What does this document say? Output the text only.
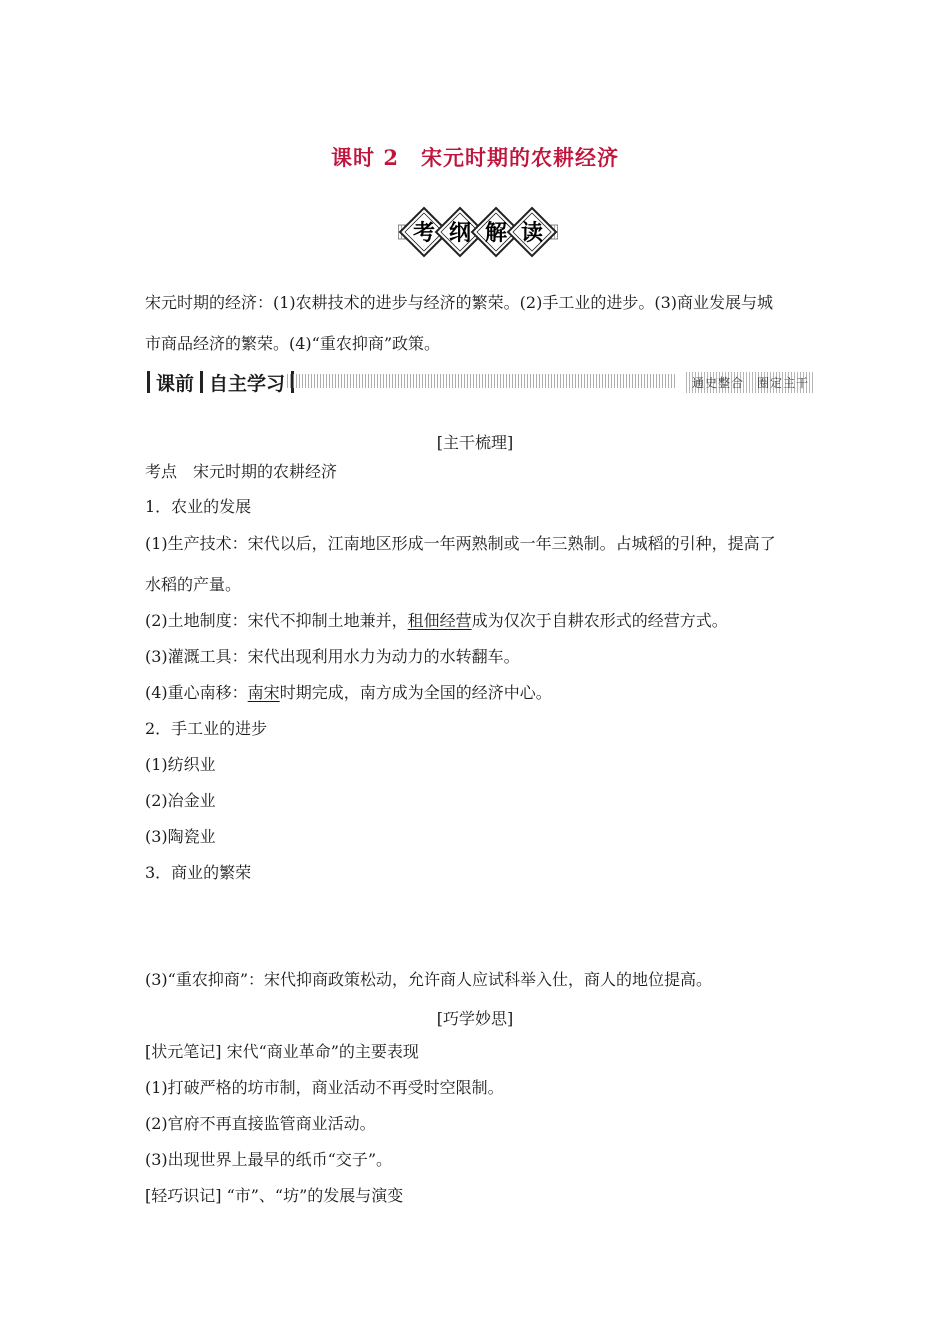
课时 2　宋元时期的农耕经济
考 纲 解 读
宋元时期的经济：(1)农耕技术的进步与经济的繁荣。(2)手工业的进步。(3)商业发展与城
市商品经济的繁荣。(4)“重农抑商”政策。
课前 自主学习	通史整合　圈定主干
[主干梳理]
考点　宋元时期的农耕经济
1．农业的发展
(1)生产技术：宋代以后，江南地区形成一年两熟制或一年三熟制。占城稻的引种，提高了
水稻的产量。
(2)土地制度：宋代不抑制土地兼并，租佃经营成为仅次于自耕农形式的经营方式。
(3)灌溉工具：宋代出现利用水力为动力的水转翻车。
(4)重心南移：南宋时期完成，南方成为全国的经济中心。
2．手工业的进步
(1)纺织业
(2)冶金业
(3)陶瓷业
3．商业的繁荣
(3)“重农抑商”：宋代抑商政策松动，允许商人应试科举入仕，商人的地位提高。
[巧学妙思]
[状元笔记] 宋代“商业革命”的主要表现
(1)打破严格的坊市制，商业活动不再受时空限制。
(2)官府不再直接监管商业活动。
(3)出现世界上最早的纸币“交子”。
[轻巧识记] “市”、“坊”的发展与演变
